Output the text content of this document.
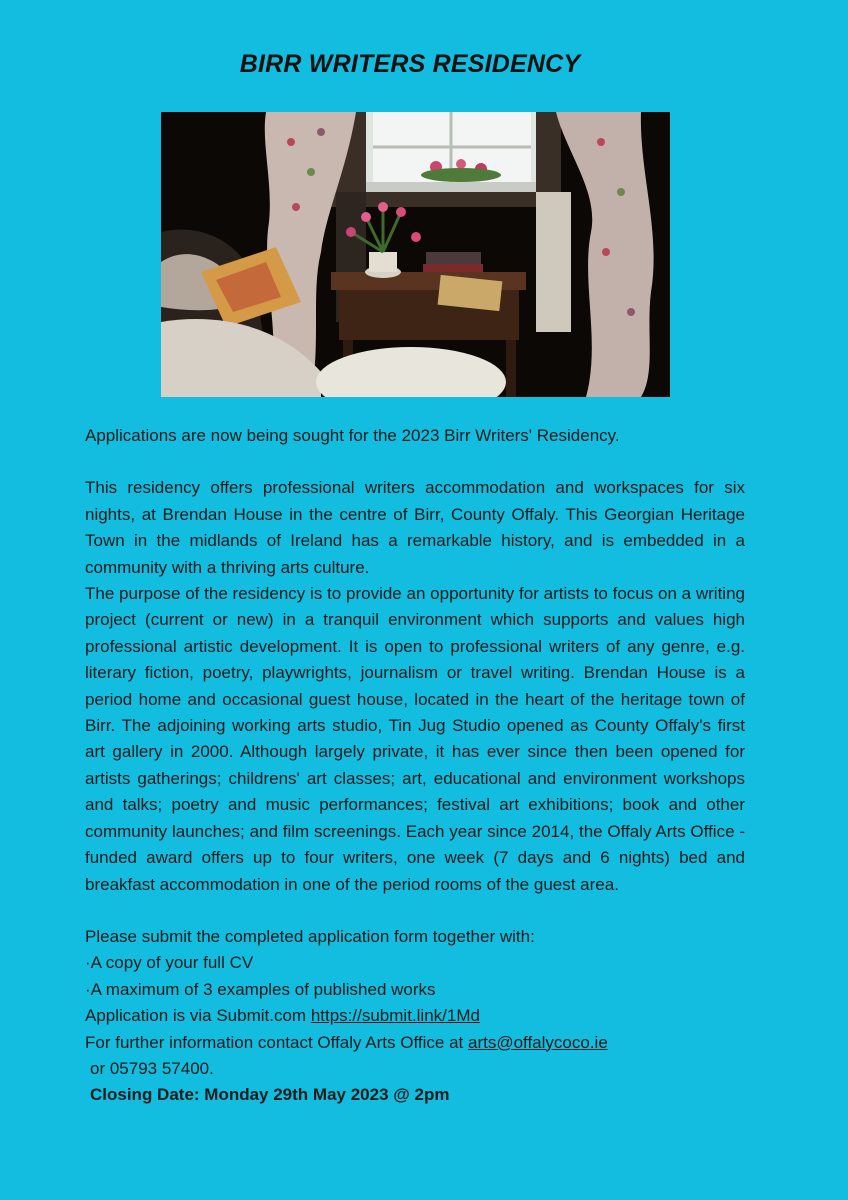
BIRR WRITERS RESIDENCY

Applications are now being sought for the 2023 Birr Writers' Residency.

This residency offers professional writers accommodation and workspaces for six nights, at Brendan House in the centre of Birr, County Offaly. This Georgian Heritage Town in the midlands of Ireland has a remarkable history, and is embedded in a community with a thriving arts culture.

The purpose of the residency is to provide an opportunity for artists to focus on a writing project (current or new) in a tranquil environment which supports and values high professional artistic development. It is open to professional writers of any genre, e.g. literary fiction, poetry, playwrights, journalism or travel writing. Brendan House is a period home and occasional guest house, located in the heart of the heritage town of Birr. The adjoining working arts studio, Tin Jug Studio opened as County Offaly's first art gallery in 2000. Although largely private, it has ever since then been opened for artists gatherings; childrens' art classes; art, educational and environment workshops and talks; poetry and music performances; festival art exhibitions; book and other community launches; and film screenings. Each year since 2014, the Offaly Arts Office -funded award offers up to four writers, one week (7 days and 6 nights) bed and breakfast accommodation in one of the period rooms of the guest area.

Please submit the completed application form together with:

·A copy of your full CV

·A maximum of 3 examples of published works

Application is via Submit.com https://submit.link/1Md

For further information contact Offaly Arts Office at arts@offalycoco.ie

or 05793 57400.

Closing Date: Monday 29th May 2023 @ 2pm
